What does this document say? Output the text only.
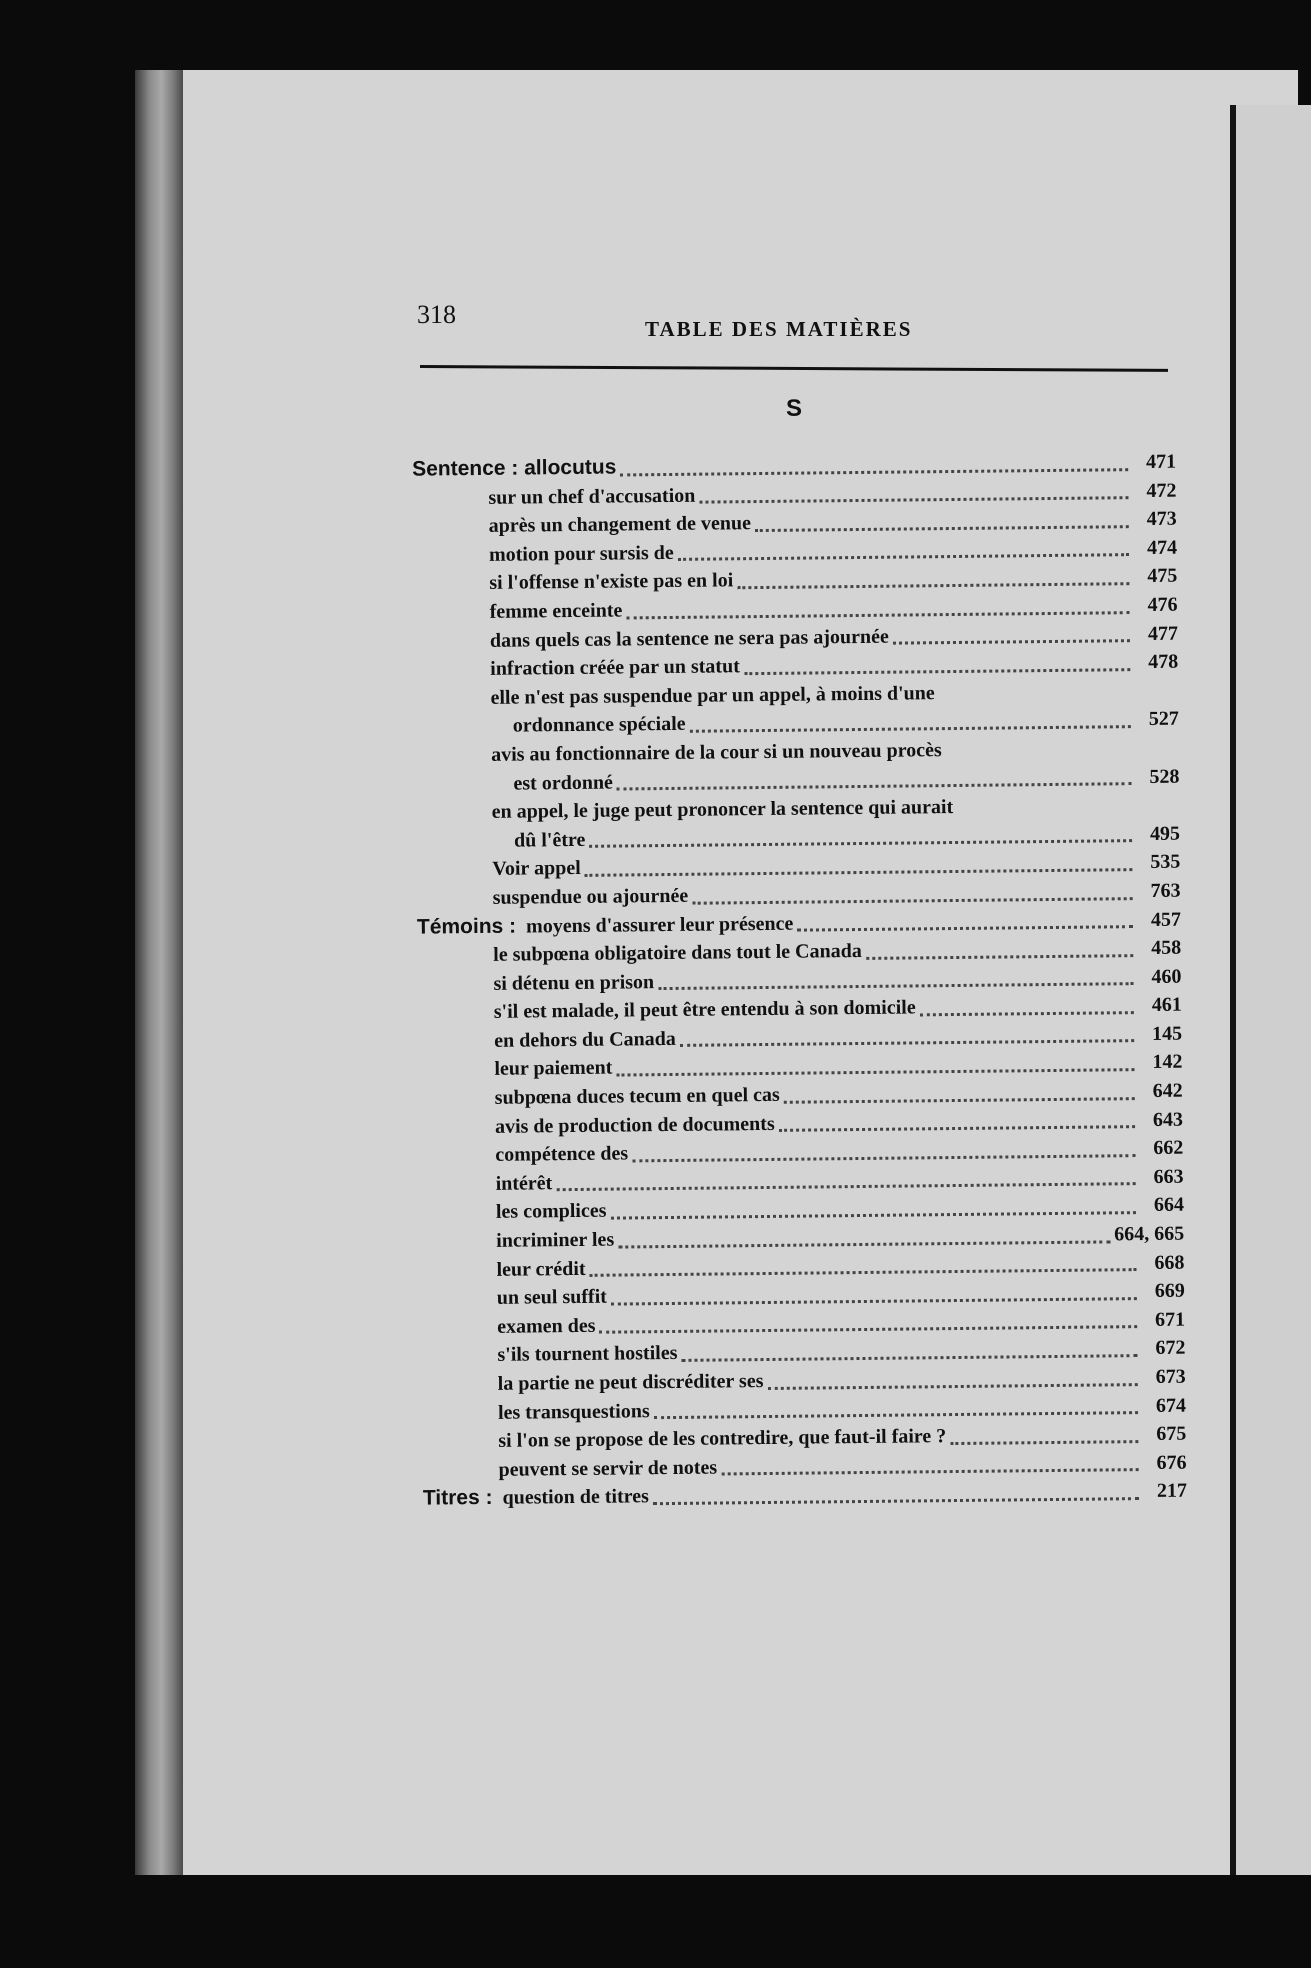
318	TABLE DES MATIÈRES
S
Sentence : allocutus	471
sur un chef d'accusation	472
après un changement de venue	473
motion pour sursis de	474
si l'offense n'existe pas en loi	475
femme enceinte	476
dans quels cas la sentence ne sera pas ajournée	477
infraction créée par un statut	478
elle n'est pas suspendue par un appel, à moins d'une
ordonnance spéciale	527
avis au fonctionnaire de la cour si un nouveau procès
est ordonné	528
en appel, le juge peut prononcer la sentence qui aurait
dû l'être	495
Voir appel	535
suspendue ou ajournée	763
Témoins : moyens d'assurer leur présence	457
le subpœna obligatoire dans tout le Canada	458
si détenu en prison	460
s'il est malade, il peut être entendu à son domicile	461
en dehors du Canada	145
leur paiement	142
subpœna duces tecum en quel cas	642
avis de production de documents	643
compétence des	662
intérêt	663
les complices	664
incriminer les	664, 665
leur crédit	668
un seul suffit	669
examen des	671
s'ils tournent hostiles	672
la partie ne peut discréditer ses	673
les transquestions	674
si l'on se propose de les contredire, que faut-il faire ?	675
peuvent se servir de notes	676
Titres : question de titres	217
